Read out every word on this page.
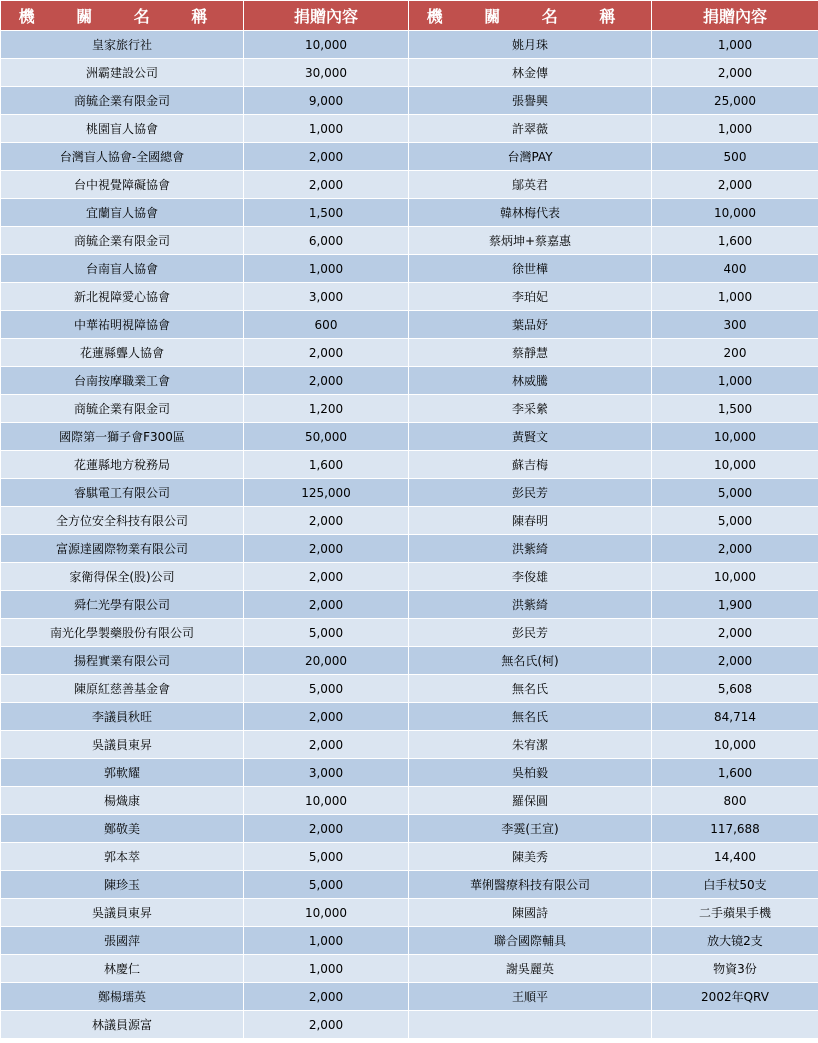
機 關 名 稱	捐贈內容	機 關 名 稱	捐贈內容
皇家旅行社	10,000	姚月珠	1,000
洲霸建設公司	30,000	林金傳	2,000
商毓企業有限金司	9,000	張譽興	25,000
桃園盲人協會	1,000	許翠薇	1,000
台灣盲人協會-全國總會	2,000	台灣PAY	500
台中視覺障礙協會	2,000	鄔英君	2,000
宜蘭盲人協會	1,500	韓林梅代表	10,000
商毓企業有限金司	6,000	蔡炳坤+蔡嘉惠	1,600
台南盲人協會	1,000	徐世樺	400
新北視障愛心協會	3,000	李珀妃	1,000
中華祐明視障協會	600	葉品妤	300
花蓮縣聾人協會	2,000	蔡靜慧	200
台南按摩職業工會	2,000	林威騰	1,000
商毓企業有限金司	1,200	李采縈	1,500
國際第一獅子會F300區	50,000	黃賢文	10,000
花蓮縣地方稅務局	1,600	蘇吉梅	10,000
睿騏電工有限公司	125,000	彭民芳	5,000
全方位安全科技有限公司	2,000	陳春明	5,000
富源達國際物業有限公司	2,000	洪紫綺	2,000
家衛得保全(股)公司	2,000	李俊雄	10,000
舜仁光學有限公司	2,000	洪紫綺	1,900
南光化學製藥股份有限公司	5,000	彭民芳	2,000
揚程實業有限公司	20,000	無名氏(柯)	2,000
陳原紅慈善基金會	5,000	無名氏	5,608
李議員秋旺	2,000	無名氏	84,714
吳議員東昇	2,000	朱宥潔	10,000
郭軟耀	3,000	吳柏毅	1,600
楊熾康	10,000	羅保圓	800
鄭敬美	2,000	李霙(王宣)	117,688
郭本萃	5,000	陳美秀	14,400
陳珍玉	5,000	華俐醫療科技有限公司	白手杖50支
吳議員東昇	10,000	陳國詩	二手蘋果手機
張國萍	1,000	聯合國際輔具	放大镜2支
林慶仁	1,000	謝吳麗英	物資3份
鄭楊瓀英	2,000	王順平	2002年QRV
林議員源富	2,000		
